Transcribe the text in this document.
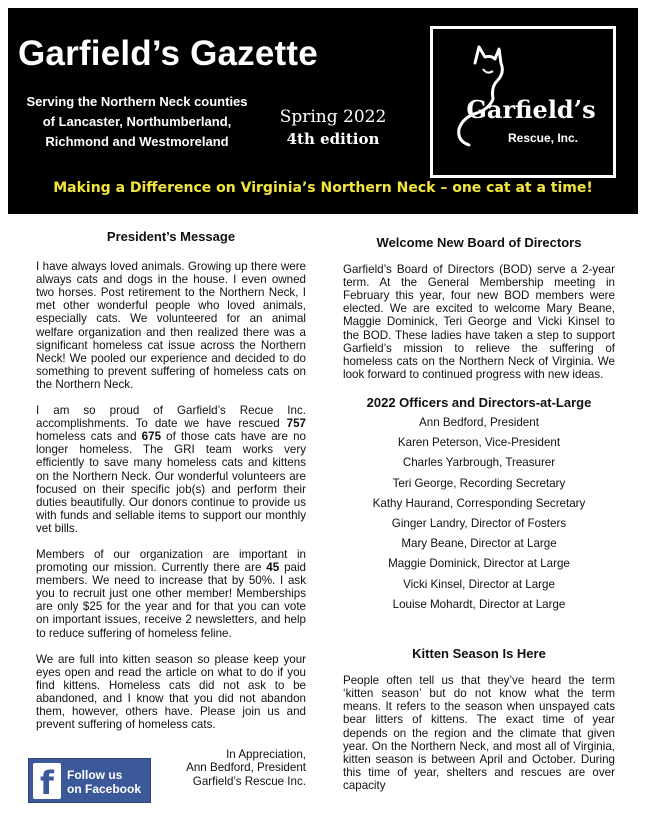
Garfield’s Gazette
Serving the Northern Neck counties of Lancaster, Northumberland, Richmond and Westmoreland
Spring 2022
4th edition
Garfield’s
Rescue, Inc.
Making a Difference on Virginia’s Northern Neck – one cat at a time!
President’s Message

I have always loved animals. Growing up there were always cats and dogs in the house. I even owned two horses. Post retirement to the Northern Neck, I met other wonderful people who loved animals, especially cats. We volunteered for an animal welfare organization and then realized there was a significant homeless cat issue across the Northern Neck! We pooled our experience and decided to do something to prevent suffering of homeless cats on the Northern Neck.

I am so proud of Garfield’s Recue Inc. accomplishments. To date we have rescued 757 homeless cats and 675 of those cats have are no longer homeless. The GRI team works very efficiently to save many homeless cats and kittens on the Northern Neck. Our wonderful volunteers are focused on their specific job(s) and perform their duties beautifully. Our donors continue to provide us with funds and sellable items to support our monthly vet bills.

Members of our organization are important in promoting our mission. Currently there are 45 paid members. We need to increase that by 50%. I ask you to recruit just one other member! Memberships are only $25 for the year and for that you can vote on important issues, receive 2 newsletters, and help to reduce suffering of homeless feline.

We are full into kitten season so please keep your eyes open and read the article on what to do if you find kittens. Homeless cats did not ask to be abandoned, and I know that you did not abandon them, however, others have. Please join us and prevent suffering of homeless cats.

In Appreciation,
Ann Bedford, President
Garfield’s Rescue Inc.
f	Follow us
on Facebook
Welcome New Board of Directors

Garfield’s Board of Directors (BOD) serve a 2-year term. At the General Membership meeting in February this year, four new BOD members were elected. We are excited to welcome Mary Beane, Maggie Dominick, Teri George and Vicki Kinsel to the BOD. These ladies have taken a step to support Garfield’s mission to relieve the suffering of homeless cats on the Northern Neck of Virginia. We look forward to continued progress with new ideas.

2022 Officers and Directors-at-Large
Ann Bedford, President
Karen Peterson, Vice-President
Charles Yarbrough, Treasurer
Teri George, Recording Secretary
Kathy Haurand, Corresponding Secretary
Ginger Landry, Director of Fosters
Mary Beane, Director at Large
Maggie Dominick, Director at Large
Vicki Kinsel, Director at Large
Louise Mohardt, Director at Large
Kitten Season Is Here

People often tell us that they’ve heard the term ‘kitten season’ but do not know what the term means. It refers to the season when unspayed cats bear litters of kittens. The exact time of year depends on the region and the climate that given year. On the Northern Neck, and most all of Virginia, kitten season is between April and October. During this time of year, shelters and rescues are over capacity
